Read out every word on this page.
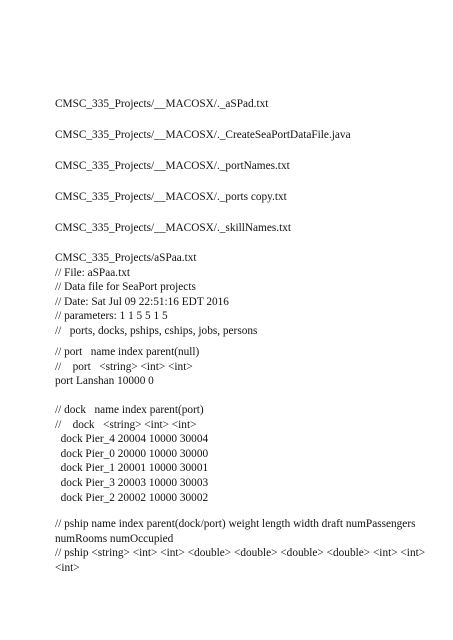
CMSC_335_Projects/__MACOSX/._aSPad.txt
CMSC_335_Projects/__MACOSX/._CreateSeaPortDataFile.java
CMSC_335_Projects/__MACOSX/._portNames.txt
CMSC_335_Projects/__MACOSX/._ports copy.txt
CMSC_335_Projects/__MACOSX/._skillNames.txt
CMSC_335_Projects/aSPaa.txt
// File: aSPaa.txt
// Data file for SeaPort projects
// Date: Sat Jul 09 22:51:16 EDT 2016
// parameters: 1 1 5 5 1 5
//   ports, docks, pships, cships, jobs, persons
// port   name index parent(null)
//    port   <string> <int> <int>
port Lanshan 10000 0
// dock   name index parent(port)
//    dock   <string> <int> <int>
dock Pier_4 20004 10000 30004
dock Pier_0 20000 10000 30000
dock Pier_1 20001 10000 30001
dock Pier_3 20003 10000 30003
dock Pier_2 20002 10000 30002
// pship name index parent(dock/port) weight length width draft numPassengers numRooms numOccupied
// pship <string> <int> <int> <double> <double> <double> <double> <int> <int> <int>
